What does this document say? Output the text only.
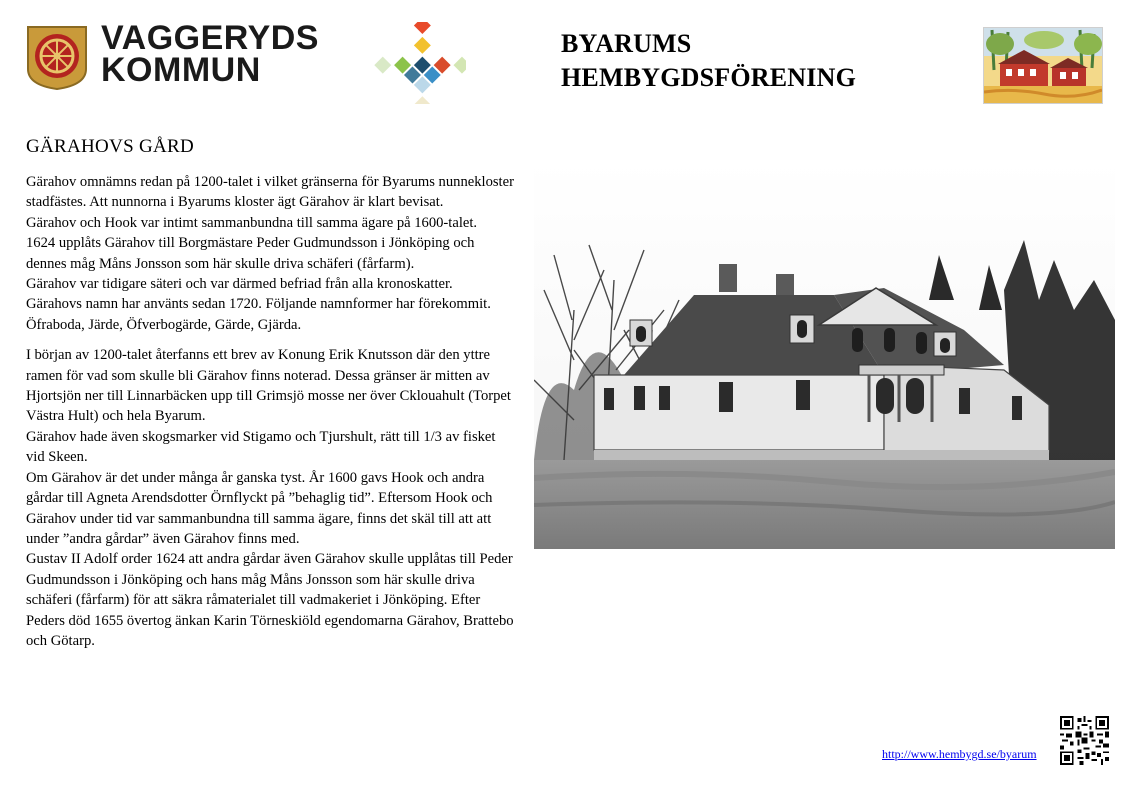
VAGGERYDS
KOMMUN
BYARUMS
HEMBYGDSFÖRENING
GÄRAHOVS GÅRD

Gärahov omnämns redan på 1200-talet i vilket gränserna för Byarums nunnekloster stadfästes. Att nunnorna i Byarums kloster ägt Gärahov är klart bevisat.

Gärahov och Hook var intimt sammanbundna till samma ägare på 1600-talet.

1624 upplåts Gärahov till Borgmästare Peder Gudmundsson i Jönköping och dennes måg Måns Jonsson som här skulle driva schäferi (fårfarm).

Gärahov var tidigare säteri och var därmed befriad från alla kronoskatter.

Gärahovs namn har använts sedan 1720. Följande namnformer har förekommit. Öfraboda, Järde, Öfverbogärde, Gärde, Gjärda.

I början av 1200-talet återfanns ett brev av Konung Erik Knutsson där den yttre ramen för vad som skulle bli Gärahov finns noterad. Dessa gränser är mitten av Hjortsjön ner till Linnarbäcken upp till Grimsjö mosse ner över Cklouahult (Torpet Västra Hult) och hela Byarum.

Gärahov hade även skogsmarker vid Stigamo och Tjurshult, rätt till 1/3 av fisket vid Skeen.

Om Gärahov är det under många år ganska tyst. År 1600 gavs Hook och andra gårdar till Agneta Arendsdotter Örnflyckt på ”behaglig tid”. Eftersom Hook och Gärahov under tid var sammanbundna till samma ägare, finns det skäl till att att under ”andra gårdar” även Gärahov finns med.

Gustav II Adolf order 1624 att andra gårdar även Gärahov skulle upplåtas till Peder Gudmundsson i Jönköping och hans måg Måns Jonsson som här skulle driva schäferi (fårfarm) för att säkra råmaterialet till vadmakeriet i Jönköping. Efter Peders död 1655 övertog änkan Karin Törneskiöld egendomarna Gärahov, Brattebo och Götarp.

http://www.hembygd.se/byarum
